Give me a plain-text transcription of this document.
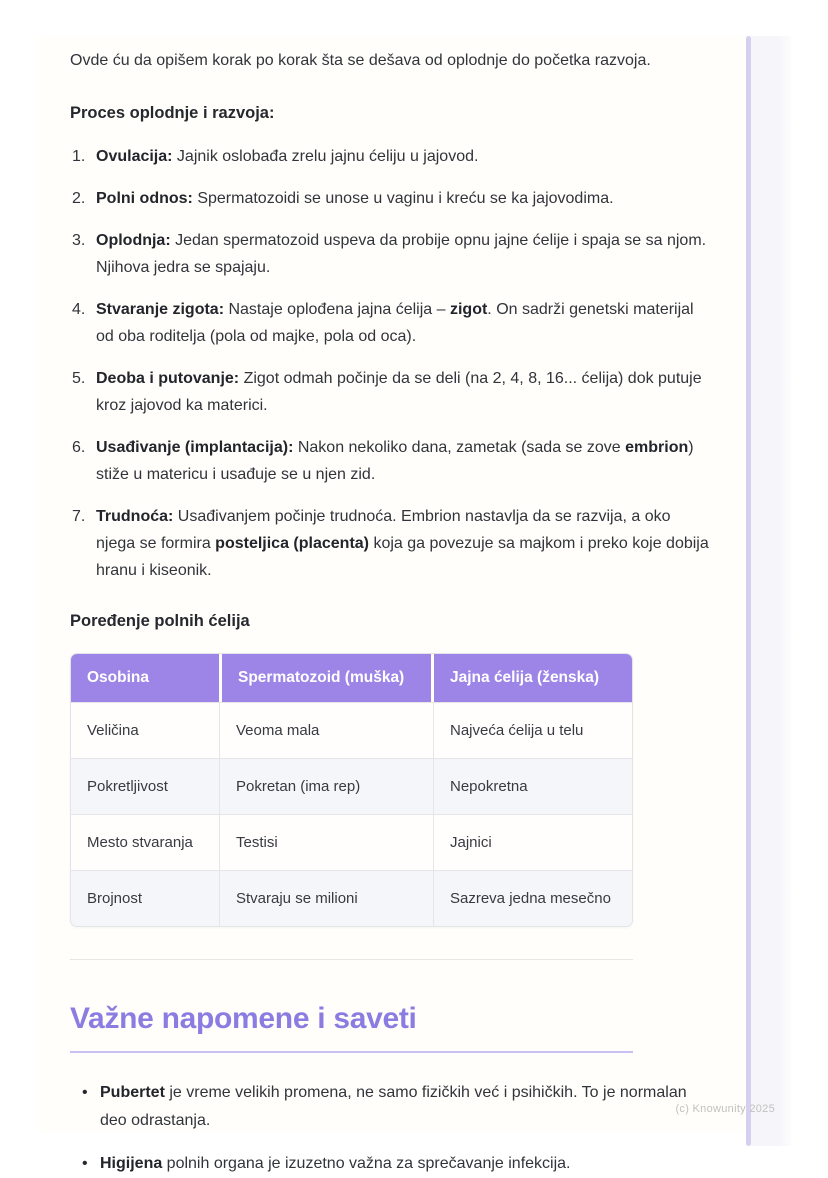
Ovde ću da opišem korak po korak šta se dešava od oplodnje do početka razvoja.

Proces oplodnje i razvoja:

1. Ovulacija: Jajnik oslobađa zrelu jajnu ćeliju u jajovod.
2. Polni odnos: Spermatozoidi se unose u vaginu i kreću se ka jajovodima.
3. Oplodnja: Jedan spermatozoid uspeva da probije opnu jajne ćelije i spaja se sa njom. Njihova jedra se spajaju.
4. Stvaranje zigota: Nastaje oplođena jajna ćelija – zigot. On sadrži genetski materijal od oba roditelja (pola od majke, pola od oca).
5. Deoba i putovanje: Zigot odmah počinje da se deli (na 2, 4, 8, 16... ćelija) dok putuje kroz jajovod ka materici.
6. Usađivanje (implantacija): Nakon nekoliko dana, zametak (sada se zove embrion) stiže u matericu i usađuje se u njen zid.
7. Trudnoća: Usađivanjem počinje trudnoća. Embrion nastavlja da se razvija, a oko njega se formira posteljica (placenta) koja ga povezuje sa majkom i preko koje dobija hranu i kiseonik.

Poređenje polnih ćelija

Osobina	Spermatozoid (muška)	Jajna ćelija (ženska)
Veličina	Veoma mala	Najveća ćelija u telu
Pokretljivost	Pokretan (ima rep)	Nepokretna
Mesto stvaranja	Testisi	Jajnici
Brojnost	Stvaraju se milioni	Sazreva jedna mesečno
Važne napomene i saveti
• Pubertet je vreme velikih promena, ne samo fizičkih već i psihičkih. To je normalan deo odrastanja.
• Higijena polnih organa je izuzetno važna za sprečavanje infekcija.
(c) Knowunity 2025
